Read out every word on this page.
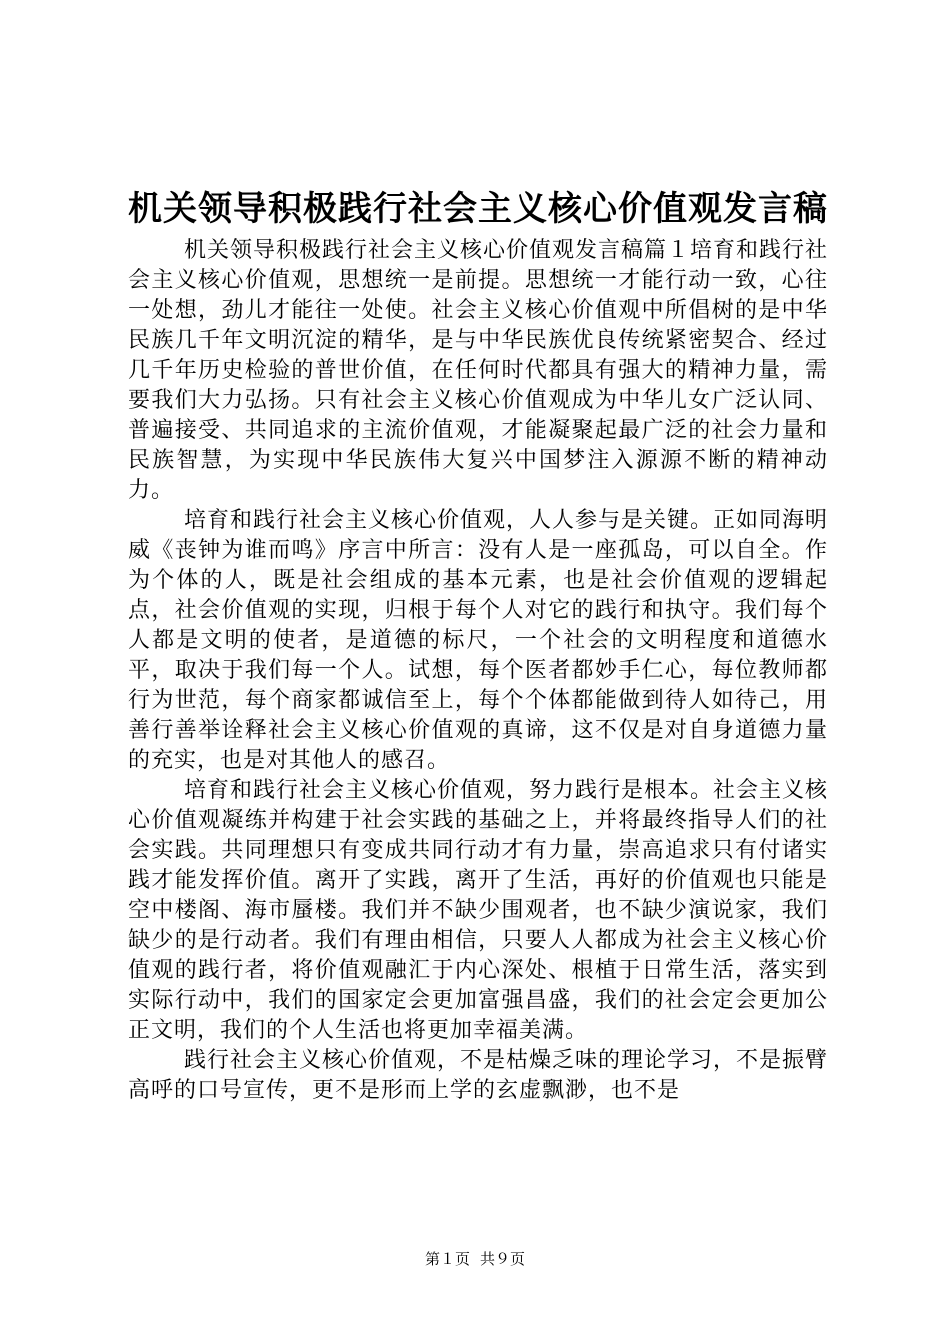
机关领导积极践行社会主义核心价值观发言稿

机关领导积极践行社会主义核心价值观发言稿篇１培育和践行社会主义核心价值观，思想统一是前提。思想统一才能行动一致，心往一处想，劲儿才能往一处使。社会主义核心价值观中所倡树的是中华民族几千年文明沉淀的精华，是与中华民族优良传统紧密契合、经过几千年历史检验的普世价值，在任何时代都具有强大的精神力量，需要我们大力弘扬。只有社会主义核心价值观成为中华儿女广泛认同、普遍接受、共同追求的主流价值观，才能凝聚起最广泛的社会力量和民族智慧，为实现中华民族伟大复兴中国梦注入源源不断的精神动力。

培育和践行社会主义核心价值观，人人参与是关键。正如同海明威《丧钟为谁而鸣》序言中所言：没有人是一座孤岛，可以自全。作为个体的人，既是社会组成的基本元素，也是社会价值观的逻辑起点，社会价值观的实现，归根于每个人对它的践行和执守。我们每个人都是文明的使者，是道德的标尺，一个社会的文明程度和道德水平，取决于我们每一个人。试想，每个医者都妙手仁心，每位教师都行为世范，每个商家都诚信至上，每个个体都能做到待人如待己，用善行善举诠释社会主义核心价值观的真谛，这不仅是对自身道德力量的充实，也是对其他人的感召。

培育和践行社会主义核心价值观，努力践行是根本。社会主义核心价值观凝练并构建于社会实践的基础之上，并将最终指导人们的社会实践。共同理想只有变成共同行动才有力量，崇高追求只有付诸实践才能发挥价值。离开了实践，离开了生活，再好的价值观也只能是空中楼阁、海市蜃楼。我们并不缺少围观者，也不缺少演说家，我们缺少的是行动者。我们有理由相信，只要人人都成为社会主义核心价值观的践行者，将价值观融汇于内心深处、根植于日常生活，落实到实际行动中，我们的国家定会更加富强昌盛，我们的社会定会更加公正文明，我们的个人生活也将更加幸福美满。

践行社会主义核心价值观，不是枯燥乏味的理论学习，不是振臂高呼的口号宣传，更不是形而上学的玄虚飘渺，也不是

第１页 共９页
